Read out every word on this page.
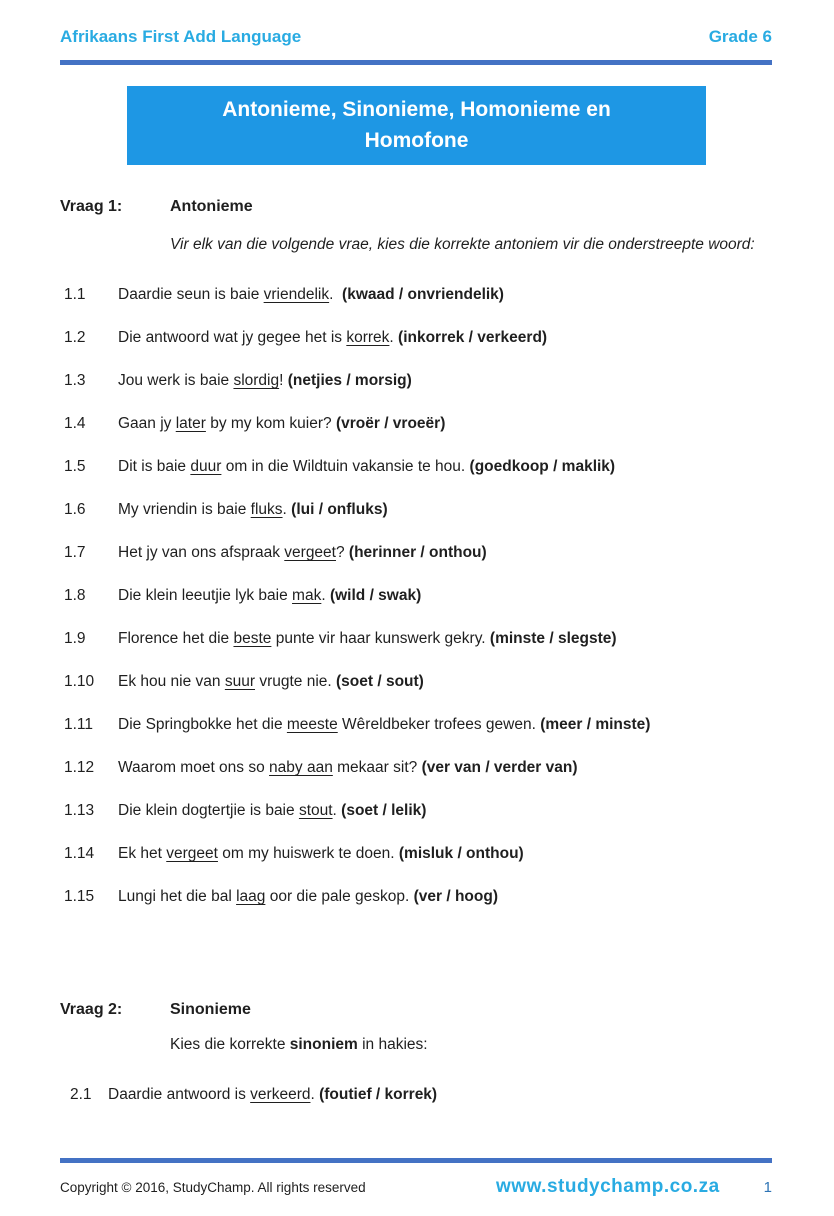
Afrikaans First Add Language	Grade 6
Antonieme, Sinonieme, Homonieme en Homofone
Vraag 1:	Antonieme
Vir elk van die volgende vrae, kies die korrekte antoniem vir die onderstreepte woord:
1.1	Daardie seun is baie vriendelik.  (kwaad / onvriendelik)
1.2	Die antwoord wat jy gegee het is korrek. (inkorrek / verkeerd)
1.3	Jou werk is baie slordig! (netjies / morsig)
1.4	Gaan jy later by my kom kuier? (vroër / vroeër)
1.5	Dit is baie duur om in die Wildtuin vakansie te hou. (goedkoop / maklik)
1.6	My vriendin is baie fluks. (lui / onfluks)
1.7	Het jy van ons afspraak vergeet? (herinner / onthou)
1.8	Die klein leeutjie lyk baie mak. (wild / swak)
1.9	Florence het die beste punte vir haar kunswerk gekry. (minste / slegste)
1.10	Ek hou nie van suur vrugte nie. (soet / sout)
1.11	Die Springbokke het die meeste Wêreldbeker trofees gewen. (meer / minste)
1.12	Waarom moet ons so naby aan mekaar sit? (ver van / verder van)
1.13	Die klein dogtertjie is baie stout. (soet / lelik)
1.14	Ek het vergeet om my huiswerk te doen. (misluk / onthou)
1.15	Lungi het die bal laag oor die pale geskop. (ver / hoog)
Vraag 2:	Sinonieme
Kies die korrekte sinoniem in hakies:
2.1	Daardie antwoord is verkeerd. (foutief / korrek)
Copyright © 2016, StudyChamp. All rights reserved	www.studychamp.co.za	1
